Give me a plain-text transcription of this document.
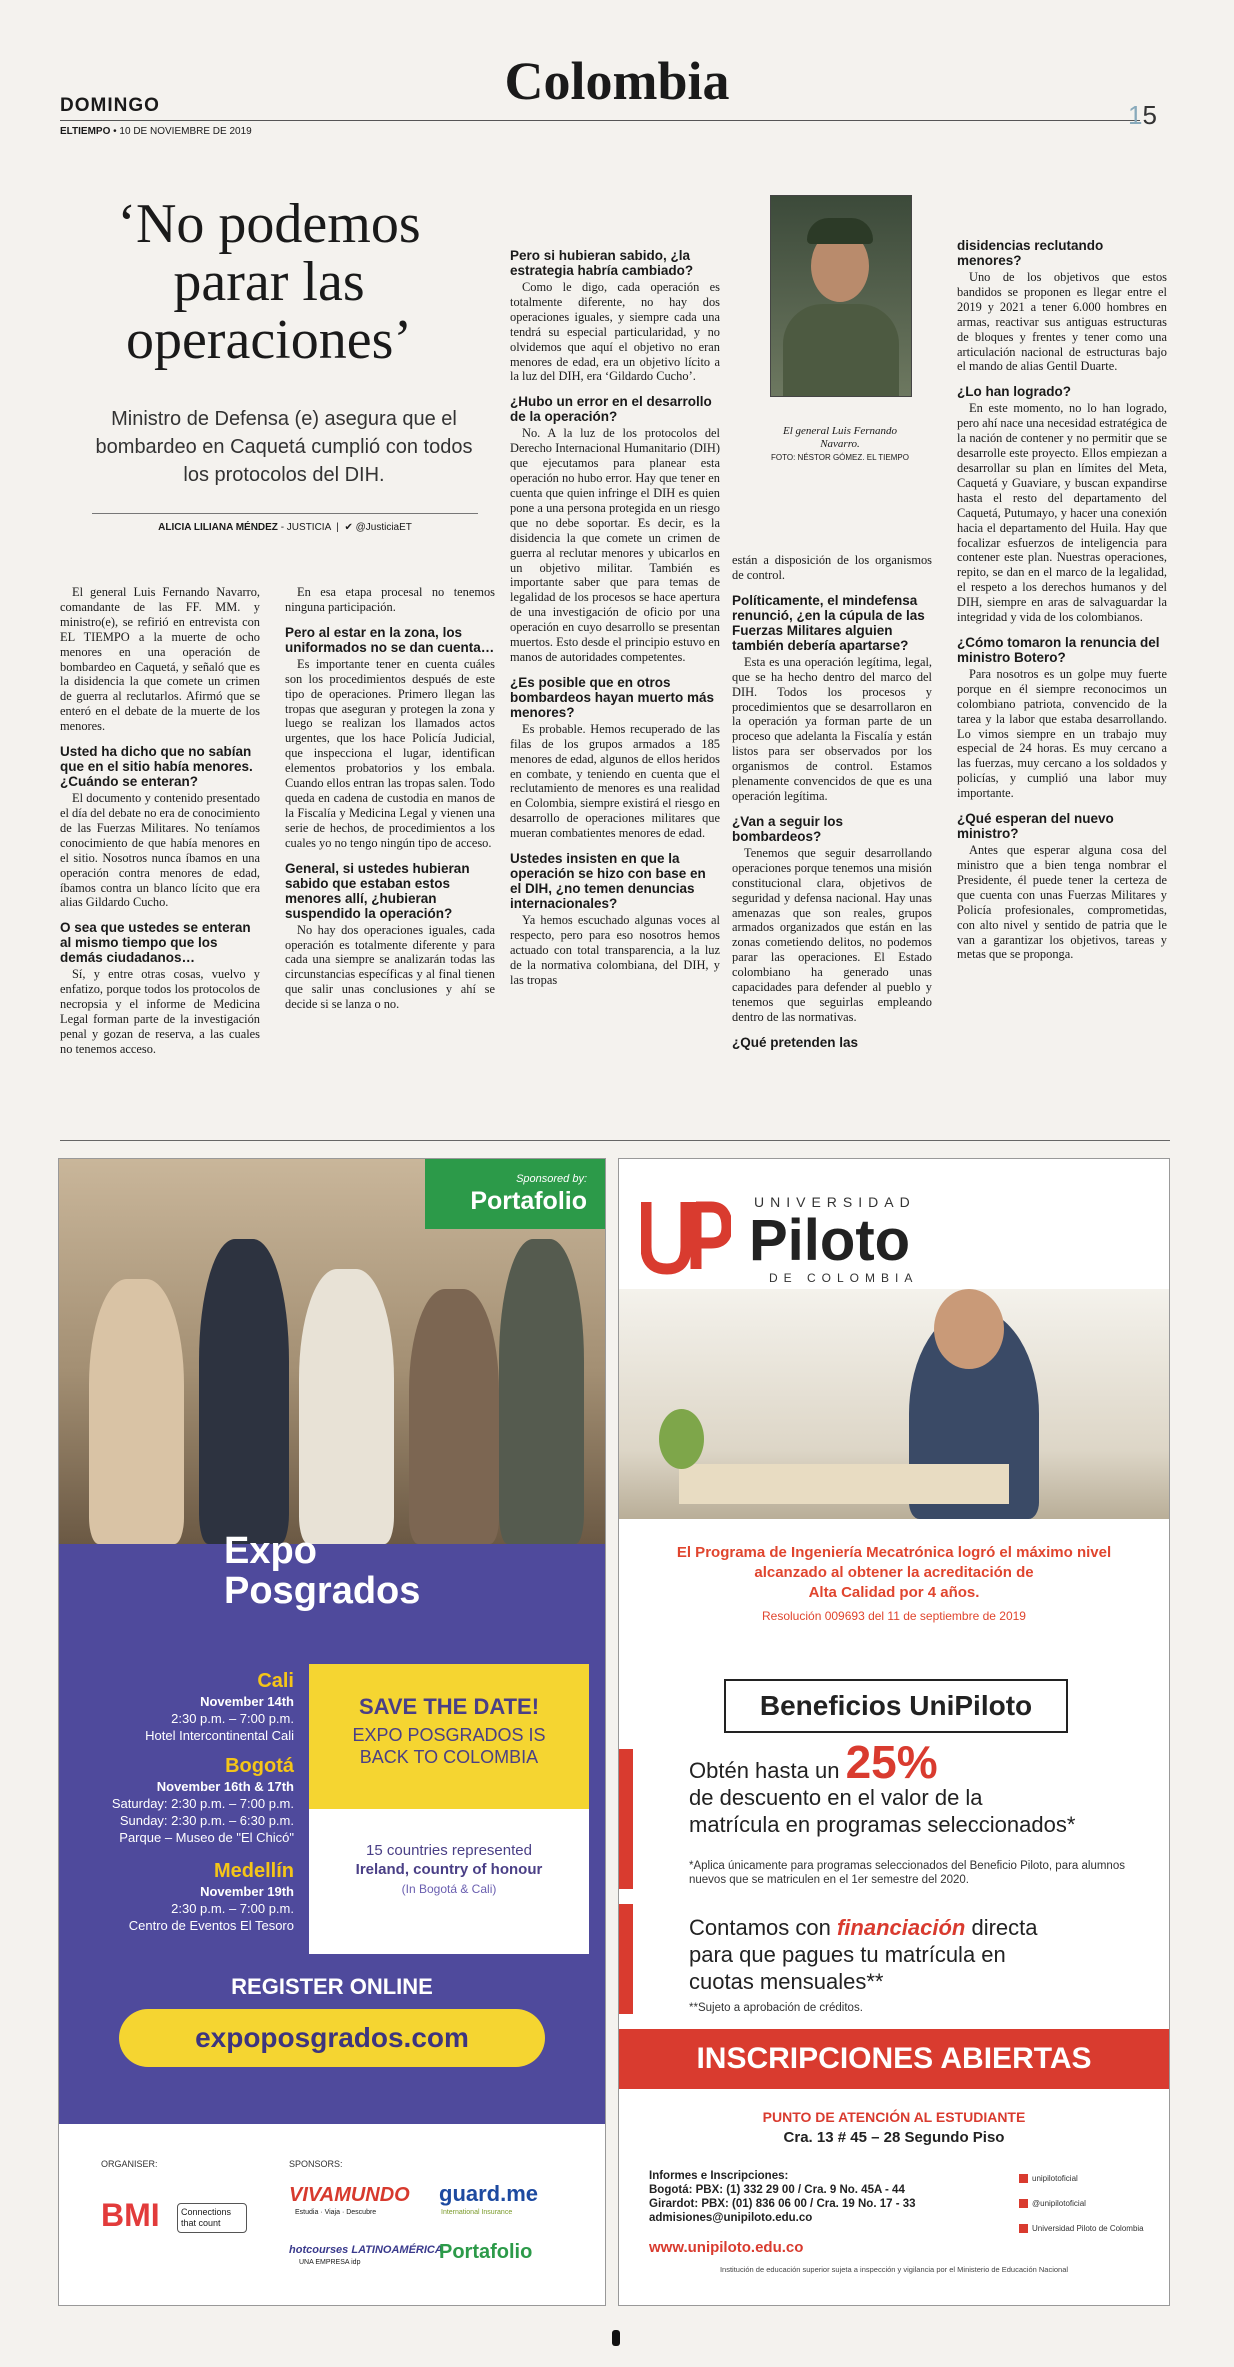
Colombia
DOMINGO
ELTIEMPO • 10 DE NOVIEMBRE DE 2019
15
‘No podemos parar las operaciones’
Ministro de Defensa (e) asegura que el bombardeo en Caquetá cumplió con todos los protocolos del DIH.
ALICIA LILIANA MÉNDEZ - JUSTICIA  |  ✔ @JusticiaET
El general Luis Fernando Navarro.
FOTO: NÉSTOR GÓMEZ. EL TIEMPO

El general Luis Fernando Navarro, comandante de las FF. MM. y ministro(e), se refirió en entrevista con EL TIEMPO a la muerte de ocho menores en una operación de bombardeo en Caquetá, y señaló que es la disidencia la que comete un crimen de guerra al reclutarlos. Afirmó que se enteró en el debate de la muerte de los menores.

Usted ha dicho que no sabían que en el sitio había menores. ¿Cuándo se enteran?

El documento y contenido presentado el día del debate no era de conocimiento de las Fuerzas Militares. No teníamos conocimiento de que había menores en el sitio. Nosotros nunca íbamos en una operación contra menores de edad, íbamos contra un blanco lícito que era alias Gildardo Cucho.

O sea que ustedes se enteran al mismo tiempo que los demás ciudadanos…

Sí, y entre otras cosas, vuelvo y enfatizo, porque todos los protocolos de necropsia y el informe de Medicina Legal forman parte de la investigación penal y gozan de reserva, a las cuales no tenemos acceso.

En esa etapa procesal no tenemos ninguna participación.

Pero al estar en la zona, los uniformados no se dan cuenta…

Es importante tener en cuenta cuáles son los procedimientos después de este tipo de operaciones. Primero llegan las tropas que aseguran y protegen la zona y luego se realizan los llamados actos urgentes, que los hace Policía Judicial, que inspecciona el lugar, identifican elementos probatorios y los embala. Cuando ellos entran las tropas salen. Todo queda en cadena de custodia en manos de la Fiscalía y Medicina Legal y vienen una serie de hechos, de procedimientos a los cuales yo no tengo ningún tipo de acceso.

General, si ustedes hubieran sabido que estaban estos menores allí, ¿hubieran suspendido la operación?

No hay dos operaciones iguales, cada operación es totalmente diferente y para cada una siempre se analizarán todas las circunstancias específicas y al final tienen que salir unas conclusiones y ahí se decide si se lanza o no.

Pero si hubieran sabido, ¿la estrategia habría cambiado?

Como le digo, cada operación es totalmente diferente, no hay dos operaciones iguales, y siempre cada una tendrá su especial particularidad, y no olvidemos que aquí el objetivo no eran menores de edad, era un objetivo lícito a la luz del DIH, era ‘Gildardo Cucho’.

¿Hubo un error en el desarrollo de la operación?

No. A la luz de los protocolos del Derecho Internacional Humanitario (DIH) que ejecutamos para planear esta operación no hubo error. Hay que tener en cuenta que quien infringe el DIH es quien pone a una persona protegida en un riesgo que no debe soportar. Es decir, es la disidencia la que comete un crimen de guerra al reclutar menores y ubicarlos en un objetivo militar. También es importante saber que para temas de legalidad de los procesos se hace apertura de una investigación de oficio por una operación en cuyo desarrollo se presentan muertos. Esto desde el principio estuvo en manos de autoridades competentes.

¿Es posible que en otros bombardeos hayan muerto más menores?

Es probable. Hemos recuperado de las filas de los grupos armados a 185 menores de edad, algunos de ellos heridos en combate, y teniendo en cuenta que el reclutamiento de menores es una realidad en Colombia, siempre existirá el riesgo en desarrollo de operaciones militares que mueran combatientes menores de edad.

Ustedes insisten en que la operación se hizo con base en el DIH, ¿no temen denuncias internacionales?

Ya hemos escuchado algunas voces al respecto, pero para eso nosotros hemos actuado con total transparencia, a la luz de la normativa colombiana, del DIH, y las tropas

están a disposición de los organismos de control.

Políticamente, el mindefensa renunció, ¿en la cúpula de las Fuerzas Militares alguien también debería apartarse?

Esta es una operación legítima, legal, que se ha hecho dentro del marco del DIH. Todos los procesos y procedimientos que se desarrollaron en la operación ya forman parte de un proceso que adelanta la Fiscalía y están listos para ser observados por los organismos de control. Estamos plenamente convencidos de que es una operación legítima.

¿Van a seguir los bombardeos?

Tenemos que seguir desarrollando operaciones porque tenemos una misión constitucional clara, objetivos de seguridad y defensa nacional. Hay unas amenazas que son reales, grupos armados organizados que están en las zonas cometiendo delitos, no podemos parar las operaciones. El Estado colombiano ha generado unas capacidades para defender al pueblo y tenemos que seguirlas empleando dentro de las normativas.

¿Qué pretenden las
disidencias reclutando menores?

Uno de los objetivos que estos bandidos se proponen es llegar entre el 2019 y 2021 a tener 6.000 hombres en armas, reactivar sus antiguas estructuras de bloques y frentes y tener como una articulación nacional de estructuras bajo el mando de alias Gentil Duarte.

¿Lo han logrado?

En este momento, no lo han logrado, pero ahí nace una necesidad estratégica de la nación de contener y no permitir que se desarrolle este proyecto. Ellos empiezan a desarrollar su plan en límites del Meta, Caquetá y Guaviare, y buscan expandirse hasta el resto del departamento del Caquetá, Putumayo, y hacer una conexión hacia el departamento del Huila. Hay que focalizar esfuerzos de inteligencia para contener este plan. Nuestras operaciones, repito, se dan en el marco de la legalidad, el respeto a los derechos humanos y del DIH, siempre en aras de salvaguardar la integridad y vida de los colombianos.

¿Cómo tomaron la renuncia del ministro Botero?

Para nosotros es un golpe muy fuerte porque en él siempre reconocimos un colombiano patriota, convencido de la tarea y la labor que estaba desarrollando. Lo vimos siempre en un trabajo muy especial de 24 horas. Es muy cercano a las fuerzas, muy cercano a los soldados y policías, y cumplió una labor muy importante.

¿Qué esperan del nuevo ministro?

Antes que esperar alguna cosa del ministro que a bien tenga nombrar el Presidente, él puede tener la certeza de que cuenta con unas Fuerzas Militares y Policía profesionales, comprometidas, con alto nivel y sentido de patria que le van a garantizar los objetivos, tareas y metas que se proponga.

Sponsored by:
Portafolio
Expo
Posgrados
Cali
November 14th
2:30 p.m. – 7:00 p.m.
Hotel Intercontinental Cali
Bogotá
November 16th & 17th
Saturday: 2:30 p.m. – 7:00 p.m.
Sunday: 2:30 p.m. – 6:30 p.m.
Parque – Museo de "El Chicó"
Medellín
November 19th
2:30 p.m. – 7:00 p.m.
Centro de Eventos El Tesoro
SAVE THE DATE!
EXPO POSGRADOS IS BACK TO COLOMBIA
15 countries represented
Ireland, country of honour
(In Bogotá & Cali)
REGISTER ONLINE
expoposgrados.com
ORGANISER:	SPONSORS:
BMI	Connections that count
VIVAMUNDO
Estudia · Viaja · Descubre
guard.me
International Insurance
hotcourses LATINOAMÉRICA
UNA EMPRESA idp	Portafolio
UNIVERSIDAD
Piloto
DE COLOMBIA
El Programa de Ingeniería Mecatrónica logró el máximo nivel
alcanzado al obtener la acreditación de
Alta Calidad por 4 años.
Resolución 009693 del 11 de septiembre de 2019
Beneficios UniPiloto
Obtén hasta un 25%
de descuento en el valor de la
matrícula en programas seleccionados*
*Aplica únicamente para programas seleccionados del Beneficio Piloto, para alumnos nuevos que se matriculen en el 1er semestre del 2020.
Contamos con financiación directa
para que pagues tu matrícula en
cuotas mensuales**
**Sujeto a aprobación de créditos.
INSCRIPCIONES ABIERTAS
PUNTO DE ATENCIÓN AL ESTUDIANTE
Cra. 13 # 45 – 28 Segundo Piso
Informes e Inscripciones:
Bogotá: PBX: (1) 332 29 00 / Cra. 9 No. 45A - 44
Girardot: PBX: (01) 836 06 00 / Cra. 19 No. 17 - 33
admisiones@unipiloto.edu.co
www.unipiloto.edu.co
unipilotoficial
@unipilotoficial
Universidad Piloto de Colombia
Institución de educación superior sujeta a inspección y vigilancia por el Ministerio de Educación Nacional
